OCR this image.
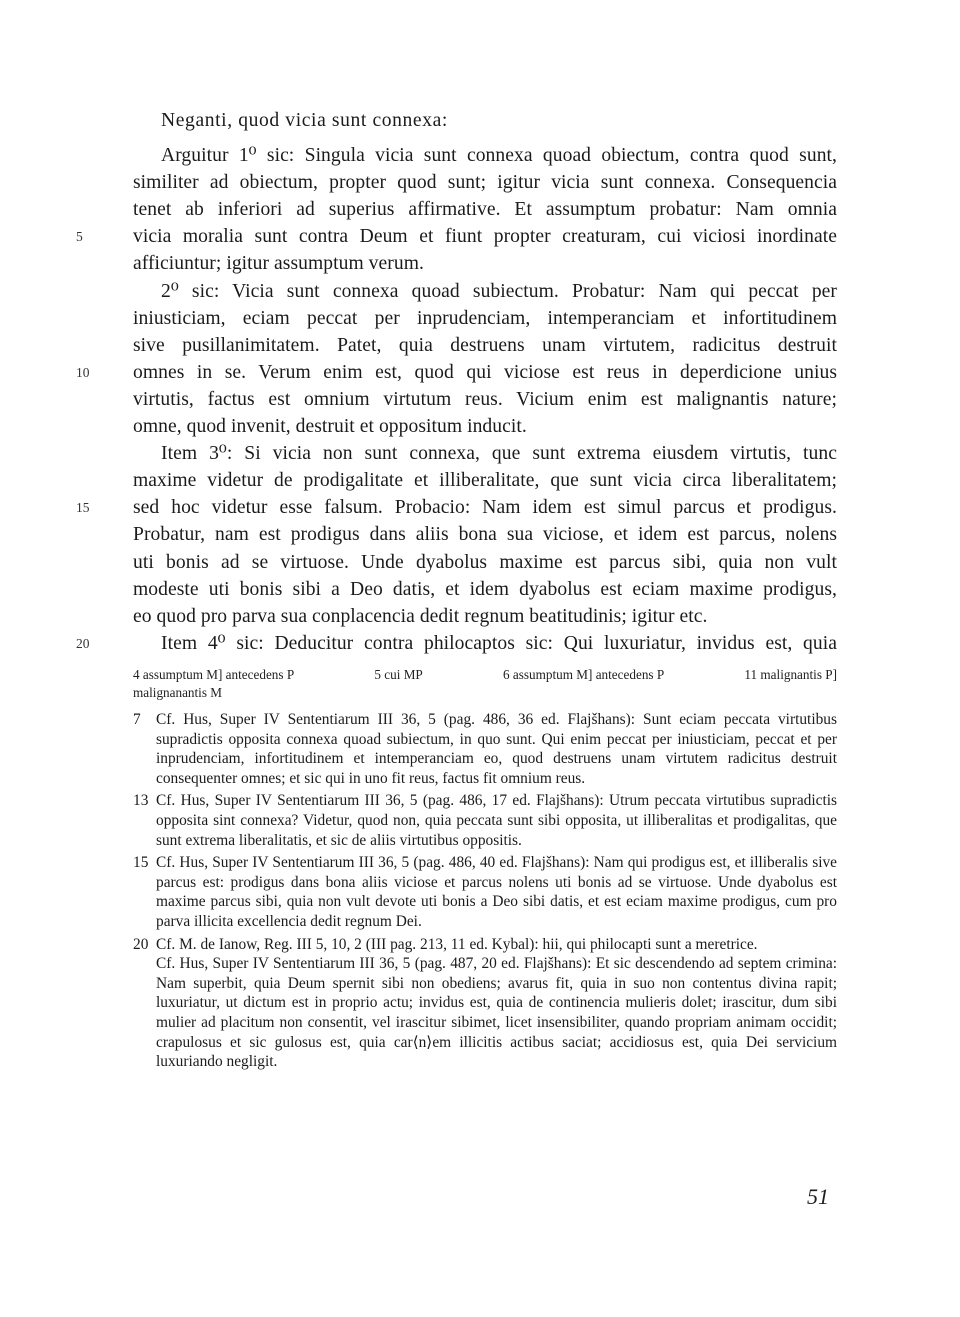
Neganti, quod vicia sunt connexa:
Arguitur 1⁰ sic: Singula vicia sunt connexa quoad obiectum, contra quod sunt,
similiter ad obiectum, propter quod sunt; igitur vicia sunt connexa. Consequencia
tenet ab inferiori ad superius affirmative. Et assumptum probatur: Nam omnia
5	vicia moralia sunt contra Deum et fiunt propter creaturam, cui viciosi inordinate
afficiuntur; igitur assumptum verum.
2⁰ sic: Vicia sunt connexa quoad subiectum. Probatur: Nam qui peccat per
iniusticiam, eciam peccat per inprudenciam, intemperanciam et infortitudinem
sive pusillanimitatem. Patet, quia destruens unam virtutem, radicitus destruit
10	omnes in se. Verum enim est, quod qui viciose est reus in deperdicione unius
virtutis, factus est omnium virtutum reus. Vicium enim est malignantis nature;
omne, quod invenit, destruit et oppositum inducit.
Item 3⁰: Si vicia non sunt connexa, que sunt extrema eiusdem virtutis, tunc
maxime videtur de prodigalitate et illiberalitate, que sunt vicia circa liberalitatem;
15	sed hoc videtur esse falsum. Probacio: Nam idem est simul parcus et prodigus.
Probatur, nam est prodigus dans aliis bona sua viciose, et idem est parcus, nolens
uti bonis ad se virtuose. Unde dyabolus maxime est parcus sibi, quia non vult
modeste uti bonis sibi a Deo datis, et idem dyabolus est eciam maxime prodigus,
eo quod pro parva sua conplacencia dedit regnum beatitudinis; igitur etc.
20	Item 4⁰ sic: Deducitur contra philocaptos sic: Qui luxuriatur, invidus est, quia
4 assumptum M] antecedens P	5 cui MP	6 assumptum M] antecedens P	11 malignantis P]
malignanantis M
7 Cf. Hus, Super IV Sententiarum III 36, 5 (pag. 486, 36 ed. Flajšhans): Sunt eciam peccata virtutibus supradictis opposita connexa quoad subiectum, in quo sunt. Qui enim peccat per iniusticiam, peccat et per inprudenciam, infortitudinem et intemperanciam eo, quod destruens unam virtutem radicitus destruit consequenter omnes; et sic qui in uno fit reus, factus fit omnium reus.

13 Cf. Hus, Super IV Sententiarum III 36, 5 (pag. 486, 17 ed. Flajšhans): Utrum peccata virtutibus supradictis opposita sint connexa? Videtur, quod non, quia peccata sunt sibi opposita, ut illiberalitas et prodigalitas, que sunt extrema liberalitatis, et sic de aliis virtutibus oppositis.

15 Cf. Hus, Super IV Sententiarum III 36, 5 (pag. 486, 40 ed. Flajšhans): Nam qui prodigus est, et illiberalis sive parcus est: prodigus dans bona aliis viciose et parcus nolens uti bonis ad se virtuose. Unde dyabolus est maxime parcus sibi, quia non vult devote uti bonis a Deo sibi datis, et est eciam maxime prodigus, cum pro parva illicita excellencia dedit regnum Dei.

20 Cf. M. de Ianow, Reg. III 5, 10, 2 (III pag. 213, 11 ed. Kybal): hii, qui philocapti sunt a meretrice.

Cf. Hus, Super IV Sententiarum III 36, 5 (pag. 487, 20 ed. Flajšhans): Et sic descendendo ad septem crimina: Nam superbit, quia Deum spernit sibi non obediens; avarus fit, quia in suo non contentus divina rapit; luxuriatur, ut dictum est in proprio actu; invidus est, quia de continencia mulieris dolet; irascitur, dum sibi mulier ad placitum non consentit, vel irascitur sibimet, licet insensibiliter, quando propriam animam occidit; crapulosus et sic gulosus est, quia car⟨n⟩em illicitis actibus saciat; accidiosus est, quia Dei servicium luxuriando negligit.

51
